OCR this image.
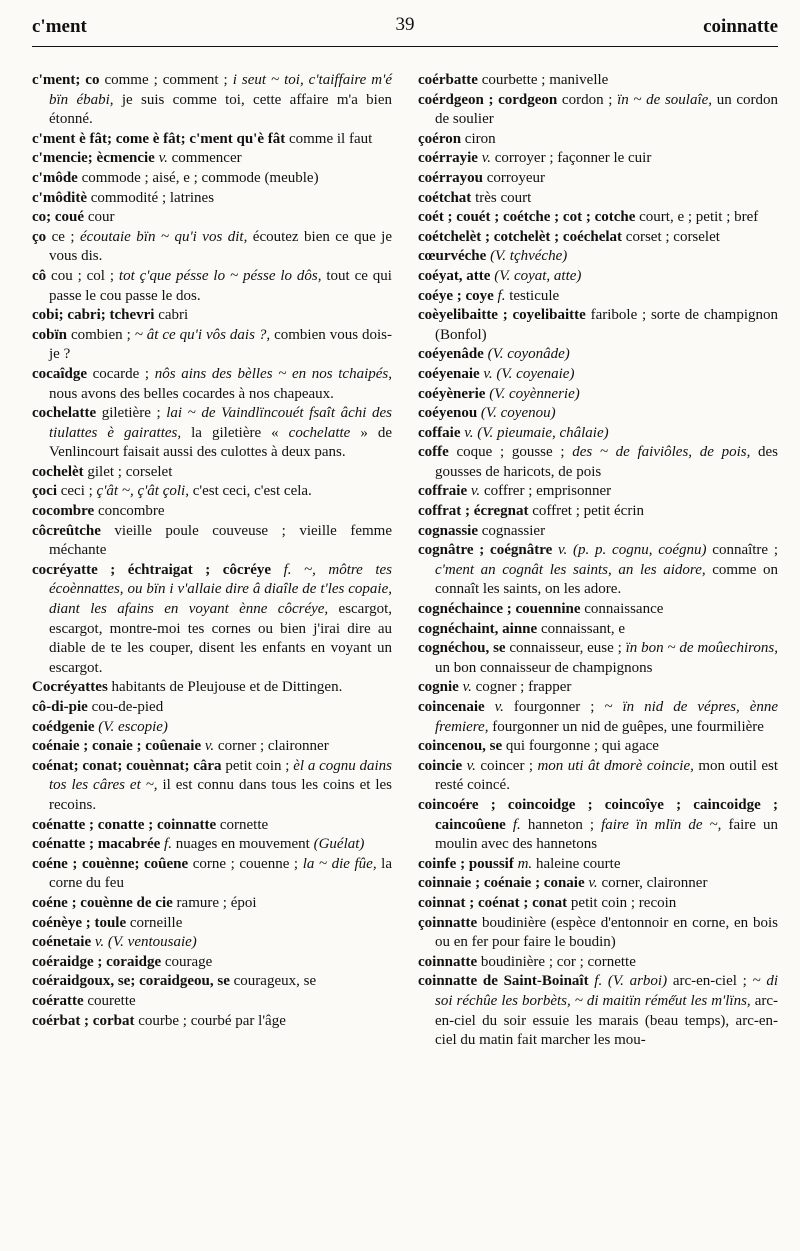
c'ment	39	coinnatte

c'ment; co comme ; comment ; i seut ~ toi, c'taiffaire m'é bïn ébabi, je suis comme toi, cette affaire m'a bien étonné.

c'ment è fât; come è fât; c'ment qu'è fât comme il faut

c'mencie; ècmencie v. commencer

c'môde commode ; aisé, e ; commode (meuble)

c'môditè commodité ; latrines

co; coué cour

ço ce ; écoutaie bïn ~ qu'i vos dit, écoutez bien ce que je vous dis.

cô cou ; col ; tot ç'que pésse lo ~ pésse lo dôs, tout ce qui passe le cou passe le dos.

cobi; cabri; tchevri cabri

cobïn combien ; ~ ât ce qu'i vôs dais ?, combien vous dois-je ?

cocaîdge cocarde ; nôs ains des bèlles ~ en nos tchaipés, nous avons des belles cocardes à nos chapeaux.

cochelatte giletière ; lai ~ de Vaindlïncouét fsaît âchi des tiulattes è gairattes, la giletière « cochelatte » de Venlincourt faisait aussi des culottes à deux pans.

cochelèt gilet ; corselet

çoci ceci ; ç'ât ~, ç'ât çoli, c'est ceci, c'est cela.

cocombre concombre

côcreûtche vieille poule couveuse ; vieille femme méchante

cocréyatte ; échtraigat ; côcréye f. ~, môtre tes écoènnattes, ou bïn i v'allaie dire â diaîle de t'les copaie, diant les afains en voyant ènne côcréye, escargot, escargot, montre-moi tes cornes ou bien j'irai dire au diable de te les couper, disent les enfants en voyant un escargot.

Cocréyattes habitants de Pleujouse et de Dittingen.

cô-di-pie cou-de-pied

coédgenie (V. escopie)

coénaie ; conaie ; coûenaie v. corner ; claironner

coénat; conat; couènnat; câra petit coin ; èl a cognu dains tos les câres et ~, il est connu dans tous les coins et les recoins.

coénatte ; conatte ; coinnatte cornette

coénatte ; macabrée f. nuages en mouvement (Guélat)

coéne ; couènne; coûene corne ; couenne ; la ~ die fûe, la corne du feu

coéne ; couènne de cie ramure ; époi

coénèye ; toule corneille

coénetaie v. (V. ventousaie)

coéraidge ; coraidge courage

coéraidgoux, se; coraidgeou, se courageux, se

coératte courette

coérbat ; corbat courbe ; courbé par l'âge

coérbatte courbette ; manivelle

coérdgeon ; cordgeon cordon ; ïn ~ de soulaîe, un cordon de soulier

çoéron ciron

coérrayie v. corroyer ; façonner le cuir

coérrayou corroyeur

coétchat très court

coét ; couét ; coétche ; cot ; cotche court, e ; petit ; bref

coétchelèt ; cotchelèt ; coéchelat corset ; corselet

cœurvéche (V. tçhvéche)

coéyat, atte (V. coyat, atte)

coéye ; coye f. testicule

coèyelibaitte ; coyelibaitte faribole ; sorte de champignon (Bonfol)

coéyenâde (V. coyonâde)

coéyenaie v. (V. coyenaie)

coéyènerie (V. coyènnerie)

coéyenou (V. coyenou)

coffaie v. (V. pieumaie, châlaie)

coffe coque ; gousse ; des ~ de faiviôles, de pois, des gousses de haricots, de pois

coffraie v. coffrer ; emprisonner

coffrat ; écregnat coffret ; petit écrin

cognassie cognassier

cognâtre ; coégnâtre v. (p. p. cognu, coégnu) connaître ; c'ment an cognât les saints, an les aidore, comme on connaît les saints, on les adore.

cognéchaince ; couennine connaissance

cognéchaint, ainne connaissant, e

cognéchou, se connaisseur, euse ; ïn bon ~ de moûechirons, un bon connaisseur de champignons

cognie v. cogner ; frapper

coincenaie v. fourgonner ; ~ ïn nid de vépres, ènne fremiere, fourgonner un nid de guêpes, une fourmilière

coincenou, se qui fourgonne ; qui agace

coincie v. coincer ; mon uti ât dmorè coincie, mon outil est resté coincé.

coincoére ; coincoidge ; coincoîye ; caincoidge ; caincoûene f. hanneton ; faire ïn mlïn de ~, faire un moulin avec des hannetons

coinfe ; poussif m. haleine courte

coinnaie ; coénaie ; conaie v. corner, claironner

coinnat ; coénat ; conat petit coin ; recoin

çoinnatte boudinière (espèce d'entonnoir en corne, en bois ou en fer pour faire le boudin)

coinnatte boudinière ; cor ; cornette

coinnatte de Saint-Boinaît f. (V. arboi) arc-en-ciel ; ~ di soi réchûe les borbèts, ~ di maitïn réme̋ut les m'lïns, arc-en-ciel du soir essuie les marais (beau temps), arc-en-ciel du matin fait marcher les mou-
